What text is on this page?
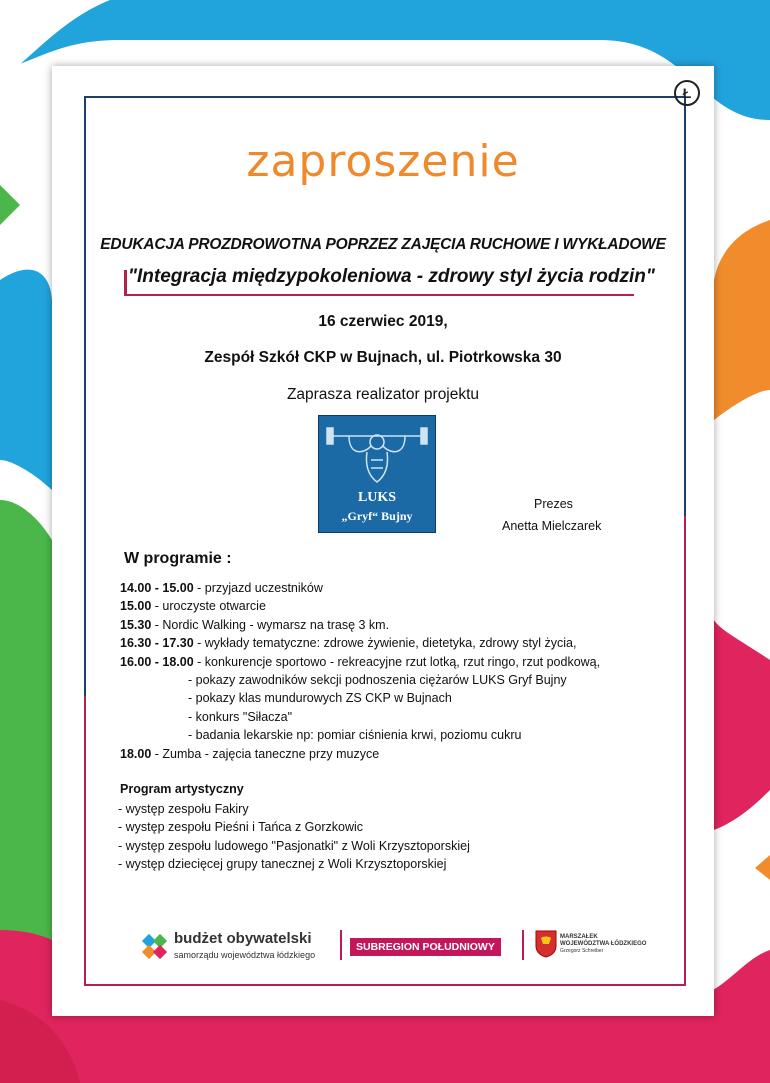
Ł
zaproszenie
EDUKACJA PROZDROWOTNA POPRZEZ ZAJĘCIA RUCHOWE I WYKŁADOWE
"Integracja międzypokoleniowa - zdrowy styl życia rodzin"
16 czerwiec 2019,
Zespół Szkół CKP w Bujnach, ul. Piotrkowska 30
Zaprasza realizator projektu
LUKS
„Gryf“ Bujny
Prezes
Anetta Mielczarek
W programie :
14.00 - 15.00 - przyjazd uczestników
15.00 - uroczyste otwarcie
15.30 - Nordic Walking - wymarsz na trasę 3 km.
16.30 - 17.30 - wykłady tematyczne: zdrowe żywienie, dietetyka, zdrowy styl życia,
16.00 - 18.00 - konkurencje sportowo - rekreacyjne rzut lotką, rzut ringo, rzut podkową,
- pokazy zawodników sekcji podnoszenia ciężarów LUKS Gryf Bujny
- pokazy klas mundurowych ZS CKP w Bujnach
- konkurs "Siłacza"
- badania lekarskie np: pomiar ciśnienia krwi, poziomu cukru
18.00 - Zumba - zajęcia taneczne przy muzyce
Program artystyczny
- występ zespołu Fakiry
- występ zespołu Pieśni i Tańca z Gorzkowic
- występ zespołu ludowego "Pasjonatki" z Woli Krzysztoporskiej
- występ dziecięcej grupy tanecznej z Woli Krzysztoporskiej
budżet obywatelski
samorządu województwa łódzkiego
SUBREGION POŁUDNIOWY
MARSZAŁEK
WOJEWÓDZTWA ŁÓDZKIEGO
Grzegorz Schreiber
